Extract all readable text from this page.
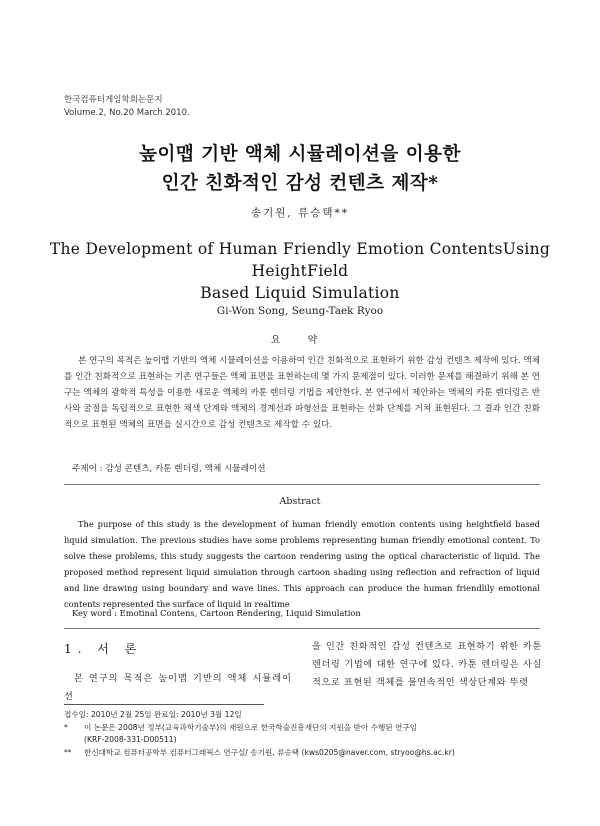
한국컴퓨터게임학회논문지
Volume.2, No.20 March 2010.
높이맵 기반 액체 시뮬레이션을 이용한
인간 친화적인 감성 컨텐츠 제작*
송기원, 류승택**
The Development of Human Friendly Emotion ContentsUsing HeightField
Based Liquid Simulation
Gi-Won Song, Seung-Taek Ryoo
요 약
본 연구의 목적은 높이맵 기반의 액체 시뮬레이션을 이용하여 인간 친화적으로 표현하기 위한 감성 컨텐츠 제작에 있다. 액체를 인간 친화적으로 표현하는 기존 연구들은 액체 표면을 표현하는데 몇 가지 문제점이 있다. 이러한 문제를 해결하기 위해 본 연구는 액체의 광학적 특성을 이용한 새로운 액체의 카툰 렌더링 기법을 제안한다. 본 연구에서 제안하는 액체의 카툰 렌더링은 반사와 굴절을 독립적으로 표현한 채색 단계와 액체의 경계선과 파형선을 표현하는 선화 단계를 거쳐 표현된다. 그 결과 인간 친화적으로 표현된 액체의 표면을 실시간으로 감성 컨텐츠로 제작할 수 있다.
주제어 : 감성 콘텐츠, 카툰 렌더링, 액체 시뮬레이션
Abstract
The purpose of this study is the development of human friendly emotion contents using heightfield based liquid simulation. The previous studies have some problems representing human friendly emotional content. To solve these problems, this study suggests the cartoon rendering using the optical characteristic of liquid. The proposed method represent liquid simulation through cartoon shading using reflection and refraction of liquid and line drawing using boundary and wave lines. This approach can produce the human friendlily emotional contents represented the surface of liquid in realtime
Key word : Emotinal Contens, Cartoon Rendering, Liquid Simulation
1. 서 론
본 연구의 목적은 높이맵 기반의 액체 시뮬레이션
을 인간 친화적인 감성 컨텐츠로 표현하기 위한 카툰 렌더링 기법에 대한 연구에 있다. 카툰 렌더링은 사실적으로 표현된 객체를 불연속적인 색상단계와 뚜렷
접수일: 2010년 2월 25일 완료일: 2010년 3월 12일
* 이 논문은 2008년 정부(교육과학기술부)의 재원으로 한국학술진흥재단의 지원을 받아 수행된 연구임
(KRF-2008-331-D00511)
** 한신대학교 컴퓨터공학부 컴퓨터그래픽스 연구실/ 송기원, 류승택 (kws0205@naver.com, stryoo@hs.ac.kr)
